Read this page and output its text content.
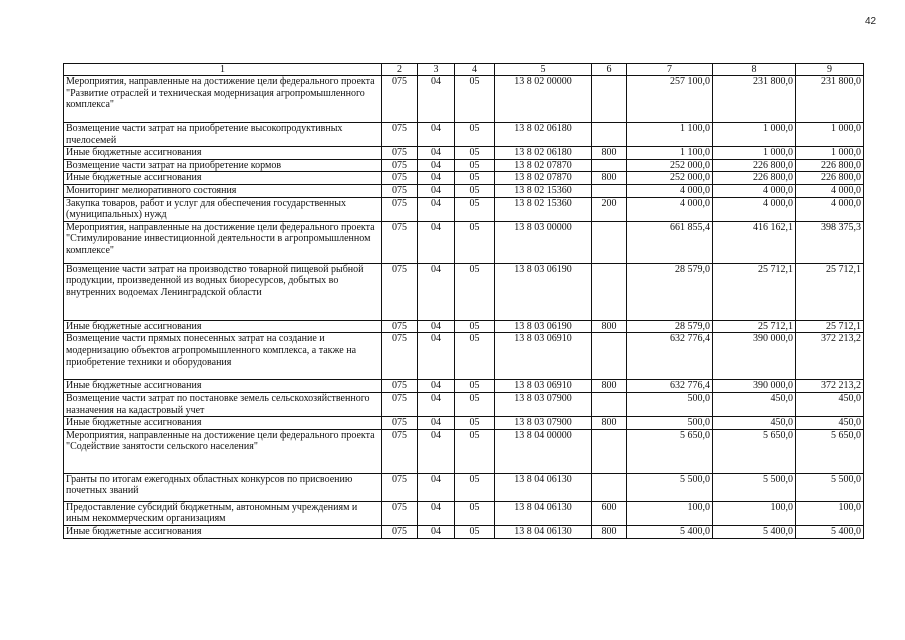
42
1	2	3	4	5	6	7	8	9
Мероприятия, направленные на достижение цели федерального проекта "Развитие отраслей и техническая модернизация агропромышленного комплекса"	075	04	05	13 8 02 00000		257 100,0	231 800,0	231 800,0
Возмещение части затрат на приобретение высокопродуктивных пчелосемей	075	04	05	13 8 02 06180		1 100,0	1 000,0	1 000,0
Иные бюджетные ассигнования	075	04	05	13 8 02 06180	800	1 100,0	1 000,0	1 000,0
Возмещение части затрат на приобретение кормов	075	04	05	13 8 02 07870		252 000,0	226 800,0	226 800,0
Иные бюджетные ассигнования	075	04	05	13 8 02 07870	800	252 000,0	226 800,0	226 800,0
Мониторинг мелиоративного состояния	075	04	05	13 8 02 15360		4 000,0	4 000,0	4 000,0
Закупка товаров, работ и услуг для обеспечения государственных (муниципальных) нужд	075	04	05	13 8 02 15360	200	4 000,0	4 000,0	4 000,0
Мероприятия, направленные на достижение цели федерального проекта "Стимулирование инвестиционной деятельности в агропромышленном комплексе"	075	04	05	13 8 03 00000		661 855,4	416 162,1	398 375,3
Возмещение части затрат на производство товарной пищевой рыбной продукции, произведенной из водных биоресурсов, добытых во внутренних водоемах Ленинградской области	075	04	05	13 8 03 06190		28 579,0	25 712,1	25 712,1
Иные бюджетные ассигнования	075	04	05	13 8 03 06190	800	28 579,0	25 712,1	25 712,1
Возмещение части прямых понесенных затрат на создание и модернизацию объектов агропромышленного комплекса, а также на приобретение техники и оборудования	075	04	05	13 8 03 06910		632 776,4	390 000,0	372 213,2
Иные бюджетные ассигнования	075	04	05	13 8 03 06910	800	632 776,4	390 000,0	372 213,2
Возмещение части затрат по постановке земель сельскохозяйственного назначения на кадастровый учет	075	04	05	13 8 03 07900		500,0	450,0	450,0
Иные бюджетные ассигнования	075	04	05	13 8 03 07900	800	500,0	450,0	450,0
Мероприятия, направленные на достижение цели федерального проекта "Содействие занятости сельского населения"	075	04	05	13 8 04 00000		5 650,0	5 650,0	5 650,0
Гранты по итогам ежегодных областных конкурсов по присвоению почетных званий	075	04	05	13 8 04 06130		5 500,0	5 500,0	5 500,0
Предоставление субсидий бюджетным, автономным учреждениям и иным некоммерческим организациям	075	04	05	13 8 04 06130	600	100,0	100,0	100,0
Иные бюджетные ассигнования	075	04	05	13 8 04 06130	800	5 400,0	5 400,0	5 400,0
